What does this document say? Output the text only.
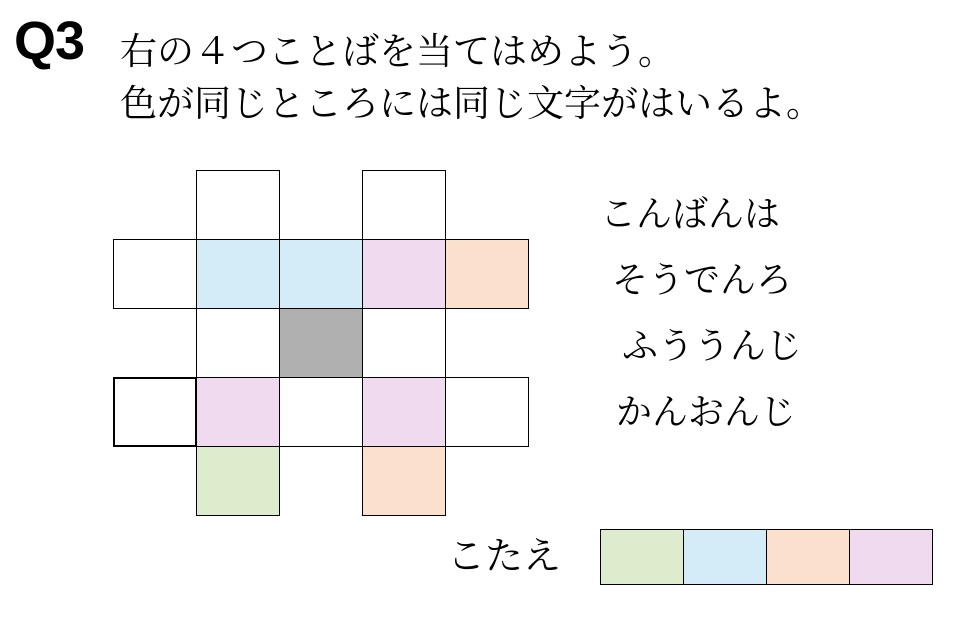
Q3 右の４つことばを当てはめよう。
色が同じところには同じ文字がはいるよ。
こんばんは
そうでんろ
ふううんじ
かんおんじ
こたえ
